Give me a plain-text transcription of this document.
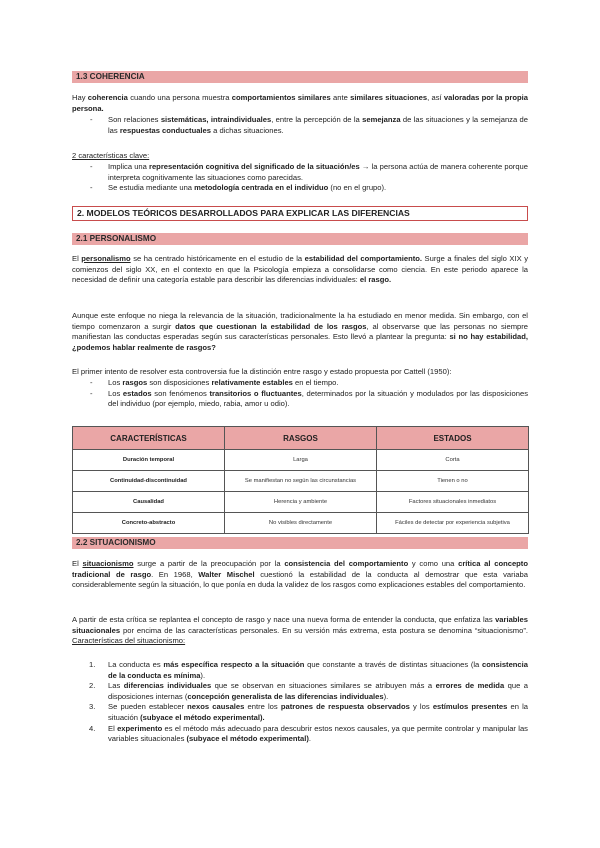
1.3 COHERENCIA
Hay coherencia cuando una persona muestra comportamientos similares ante similares situaciones, así valoradas por la propia persona.
- Son relaciones sistemáticas, intraindividuales, entre la percepción de la semejanza de las situaciones y la semejanza de las respuestas conductuales a dichas situaciones.
2 características clave:
- Implica una representación cognitiva del significado de la situación/es → la persona actúa de manera coherente porque interpreta cognitivamente las situaciones como parecidas.
- Se estudia mediante una metodología centrada en el individuo (no en el grupo).
2. MODELOS TEÓRICOS DESARROLLADOS PARA EXPLICAR LAS DIFERENCIAS
2.1 PERSONALISMO
El personalismo se ha centrado históricamente en el estudio de la estabilidad del comportamiento. Surge a finales del siglo XIX y comienzos del siglo XX, en el contexto en que la Psicología empieza a consolidarse como ciencia. En este periodo aparece la necesidad de definir una categoría estable para describir las diferencias individuales: el rasgo.
Aunque este enfoque no niega la relevancia de la situación, tradicionalmente la ha estudiado en menor medida. Sin embargo, con el tiempo comenzaron a surgir datos que cuestionan la estabilidad de los rasgos, al observarse que las personas no siempre manifiestan las conductas esperadas según sus características personales. Esto llevó a plantear la pregunta: si no hay estabilidad, ¿podemos hablar realmente de rasgos?
El primer intento de resolver esta controversia fue la distinción entre rasgo y estado propuesta por Cattell (1950):
- Los rasgos son disposiciones relativamente estables en el tiempo.
- Los estados son fenómenos transitorios o fluctuantes, determinados por la situación y modulados por las disposiciones del individuo (por ejemplo, miedo, rabia, amor u odio).
CARACTERÍSTICAS	RASGOS	ESTADOS
Duración temporal	Larga	Corta
Continuidad-discontinuidad	Se manifiestan no según las circunstancias	Tienen o no
Causalidad	Herencia y ambiente	Factores situacionales inmediatos
Concreto-abstracto	No visibles directamente	Fáciles de detectar por experiencia subjetiva
2.2 SITUACIONISMO
El situacionismo surge a partir de la preocupación por la consistencia del comportamiento y como una crítica al concepto tradicional de rasgo. En 1968, Walter Mischel cuestionó la estabilidad de la conducta al demostrar que esta variaba considerablemente según la situación, lo que ponía en duda la validez de los rasgos como explicaciones estables del comportamiento.
A partir de esta crítica se replantea el concepto de rasgo y nace una nueva forma de entender la conducta, que enfatiza las variables situacionales por encima de las características personales. En su versión más extrema, esta postura se denomina “situacionismo”. Características del situacionismo:
1. La conducta es más específica respecto a la situación que constante a través de distintas situaciones (la consistencia de la conducta es mínima).
2. Las diferencias individuales que se observan en situaciones similares se atribuyen más a errores de medida que a disposiciones internas (concepción generalista de las diferencias individuales).
3. Se pueden establecer nexos causales entre los patrones de respuesta observados y los estímulos presentes en la situación (subyace el método experimental).
4. El experimento es el método más adecuado para descubrir estos nexos causales, ya que permite controlar y manipular las variables situacionales (subyace el método experimental).
